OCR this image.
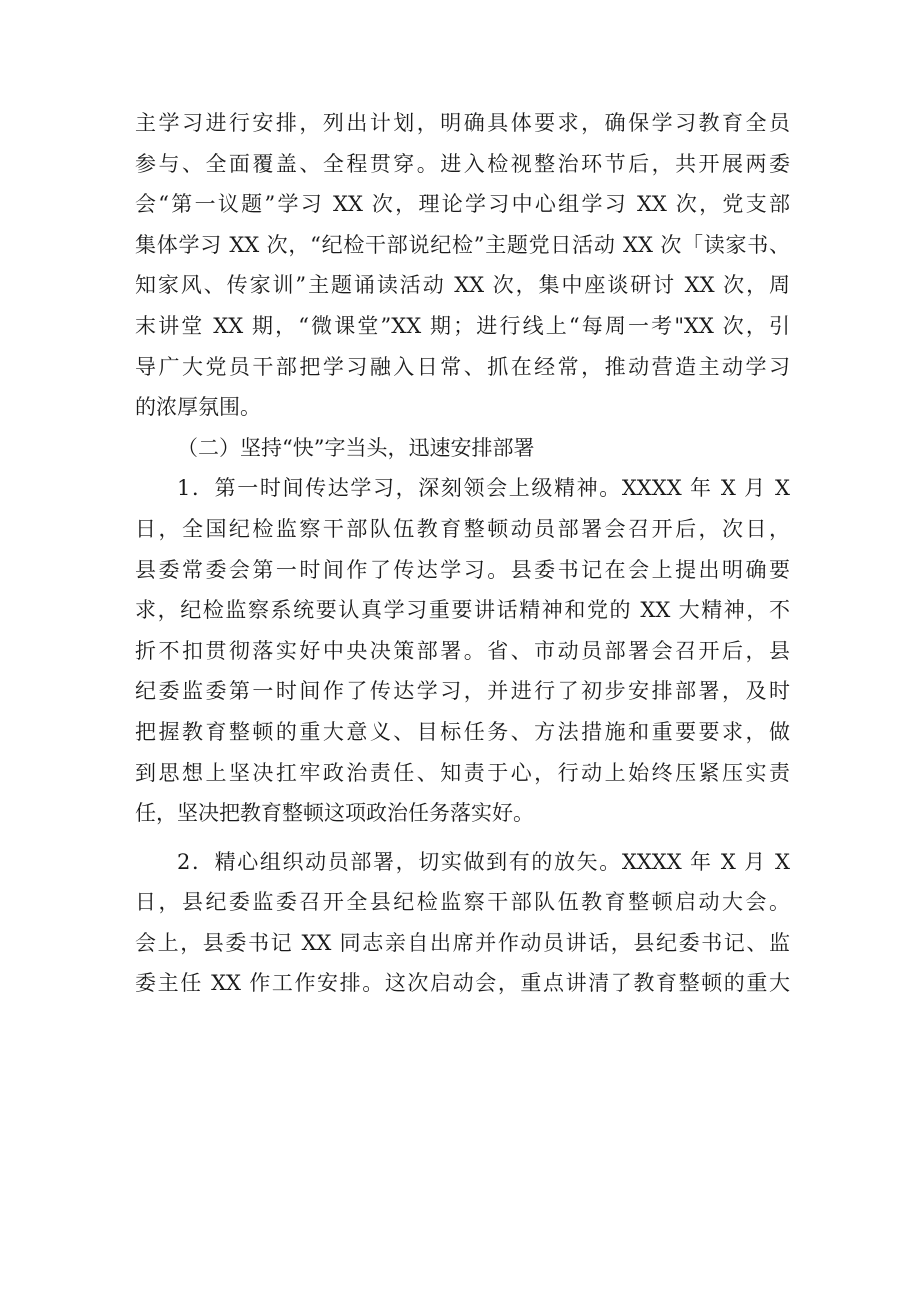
主学习进行安排，列出计划，明确具体要求，确保学习教育全员
参与、全面覆盖、全程贯穿。进入检视整治环节后，共开展两委
会“第一议题”学习 XX 次，理论学习中心组学习 XX 次，党支部
集体学习 XX 次，“纪检干部说纪检”主题党日活动 XX 次「读家书、
知家风、传家训”主题诵读活动 XX 次，集中座谈研讨 XX 次，周
末讲堂 XX 期，“微课堂”XX 期；进行线上“每周一考"XX 次，引
导广大党员干部把学习融入日常、抓在经常，推动营造主动学习
的浓厚氛围。
（二）坚持“快”字当头，迅速安排部署
1．第一时间传达学习，深刻领会上级精神。XXXX 年 X 月 X
日，全国纪检监察干部队伍教育整顿动员部署会召开后，次日，
县委常委会第一时间作了传达学习。县委书记在会上提出明确要
求，纪检监察系统要认真学习重要讲话精神和党的 XX 大精神，不
折不扣贯彻落实好中央决策部署。省、市动员部署会召开后，县
纪委监委第一时间作了传达学习，并进行了初步安排部署，及时
把握教育整顿的重大意义、目标任务、方法措施和重要要求，做
到思想上坚决扛牢政治责任、知责于心，行动上始终压紧压实责
任，坚决把教育整顿这项政治任务落实好。
2．精心组织动员部署，切实做到有的放矢。XXXX 年 X 月 X
日，县纪委监委召开全县纪检监察干部队伍教育整顿启动大会。
会上，县委书记 XX 同志亲自出席并作动员讲话，县纪委书记、监
委主任 XX 作工作安排。这次启动会，重点讲清了教育整顿的重大
